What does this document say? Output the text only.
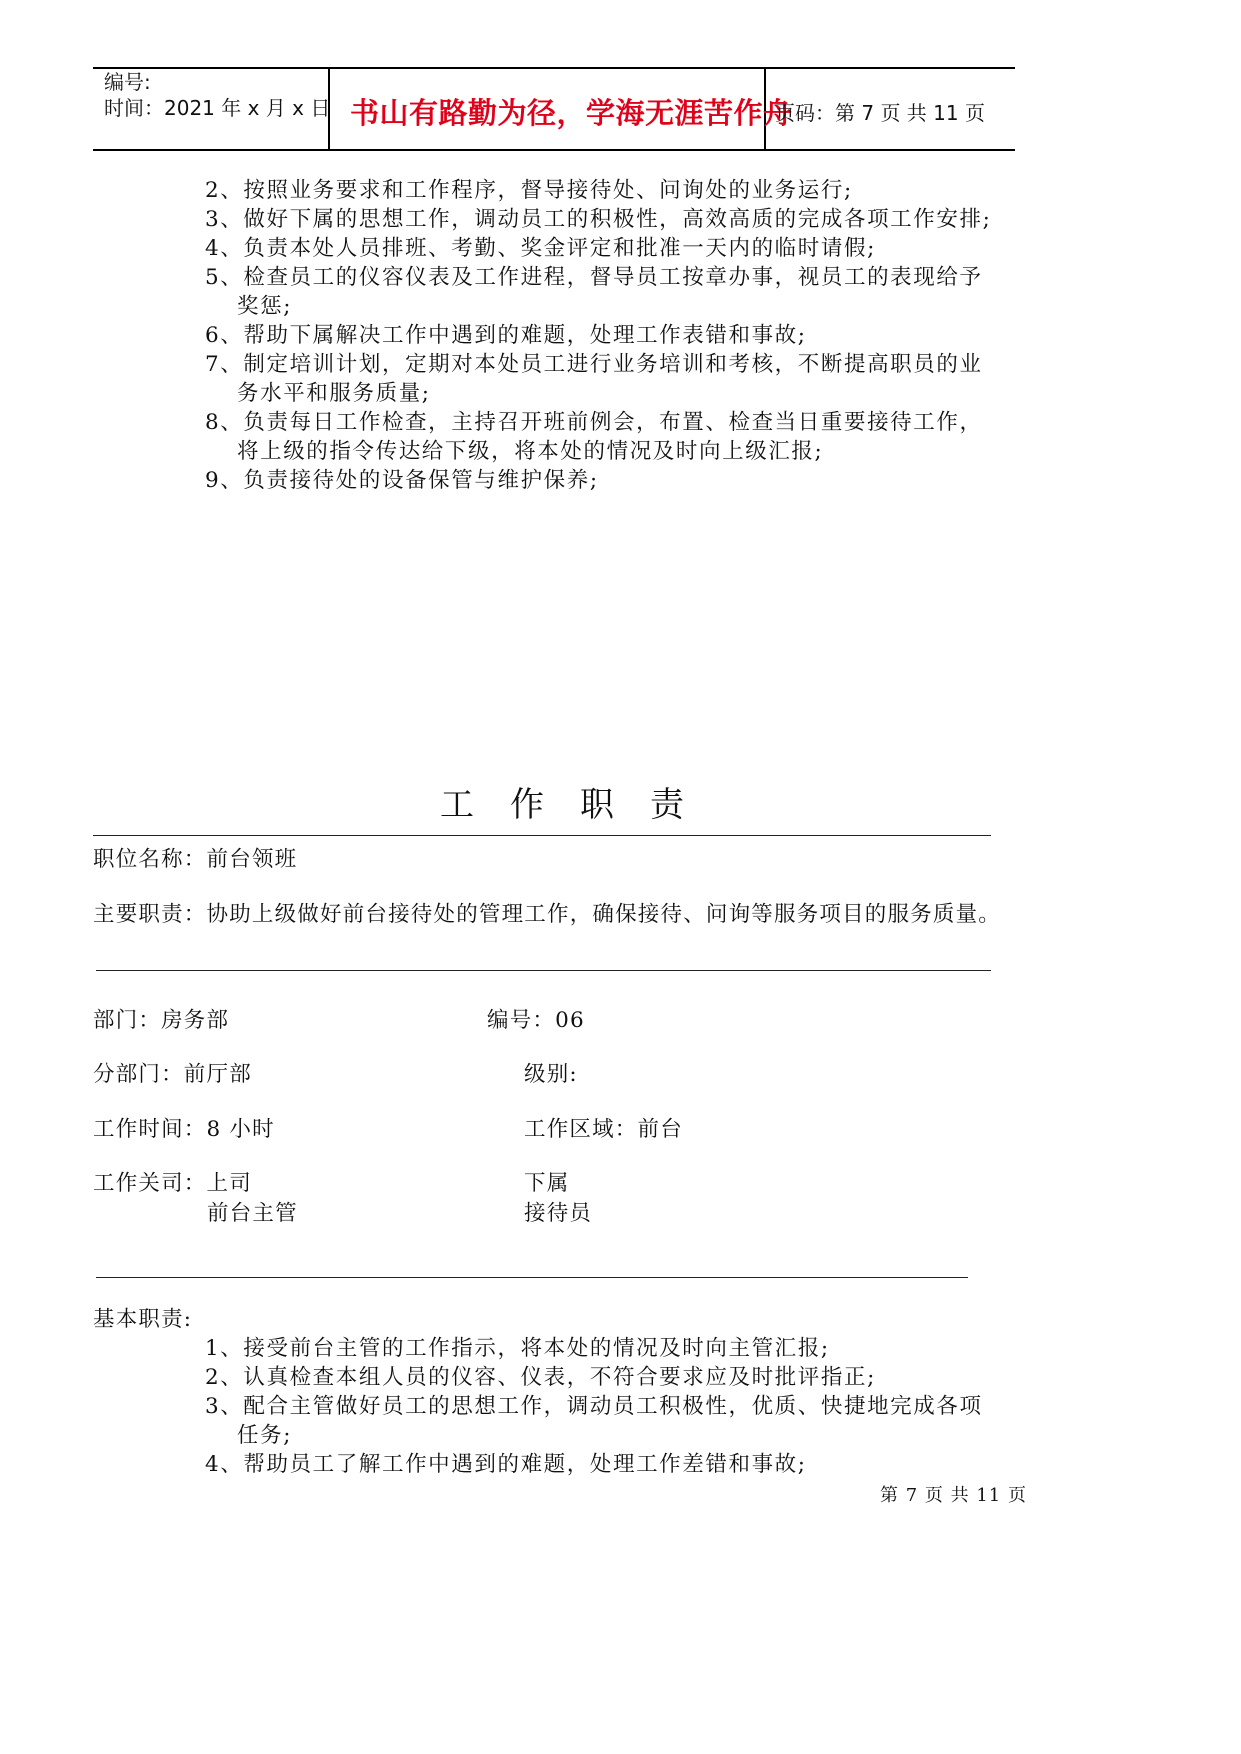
编号:
时间：2021 年 x 月 x 日 书山有路勤为径，学海无涯苦作舟
页码：第 7 页 共 11 页
2、按照业务要求和工作程序，督导接待处、问询处的业务运行;
3、做好下属的思想工作，调动员工的积极性，高效高质的完成各项工作安排;
4、负责本处人员排班、考勤、奖金评定和批准一天内的临时请假;
5、检查员工的仪容仪表及工作进程，督导员工按章办事，视员工的表现给予
奖惩;
6、帮助下属解决工作中遇到的难题，处理工作表错和事故;
7、制定培训计划，定期对本处员工进行业务培训和考核，不断提高职员的业
务水平和服务质量;
8、负责每日工作检查，主持召开班前例会，布置、检查当日重要接待工作，
将上级的指令传达给下级，将本处的情况及时向上级汇报;
9、负责接待处的设备保管与维护保养;
工作职责
职位名称：前台领班
主要职责：协助上级做好前台接待处的管理工作，确保接待、问询等服务项目的服务质量。
部门：房务部	编号：06
分部门：前厅部	级别:
工作时间：8 小时	工作区域：前台
工作关司：上司	下属
前台主管	接待员
基本职责:
1、接受前台主管的工作指示，将本处的情况及时向主管汇报;
2、认真检查本组人员的仪容、仪表，不符合要求应及时批评指正;
3、配合主管做好员工的思想工作，调动员工积极性，优质、快捷地完成各项
任务;
4、帮助员工了解工作中遇到的难题，处理工作差错和事故;
第 7 页 共 11 页
